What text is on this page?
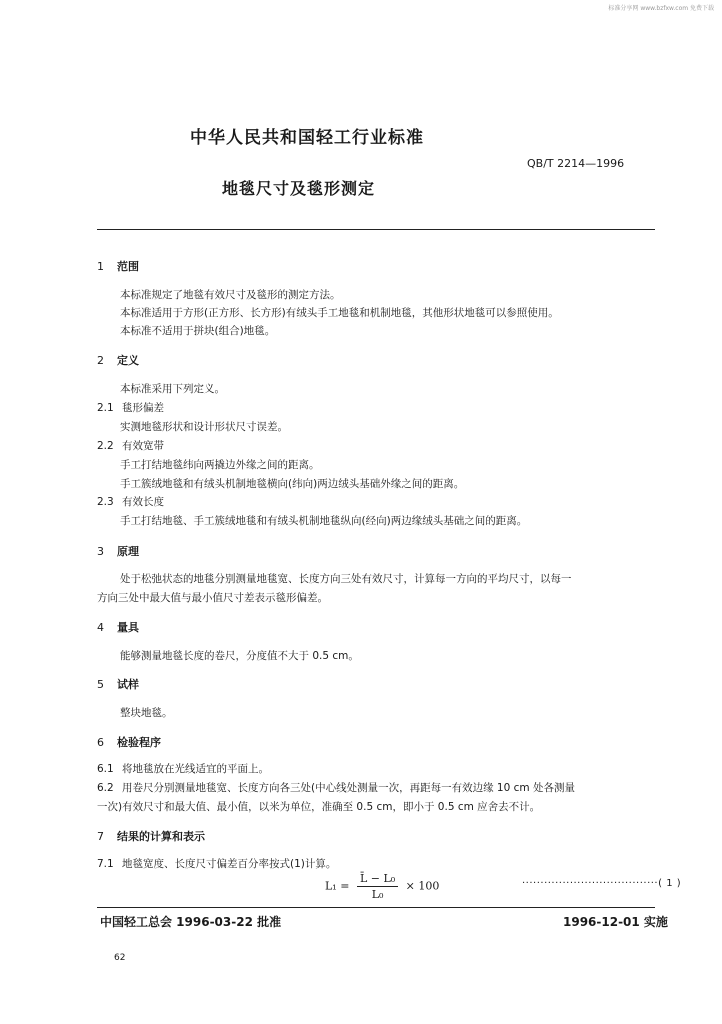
标准分享网 www.bzfxw.com 免费下载
中华人民共和国轻工行业标准
QB/T 2214—1996
地毯尺寸及毯形测定
1 范围
本标准规定了地毯有效尺寸及毯形的测定方法。
本标准适用于方形(正方形、长方形)有绒头手工地毯和机制地毯，其他形状地毯可以参照使用。
本标准不适用于拼块(组合)地毯。
2 定义
本标准采用下列定义。
2.1 毯形偏差
实测地毯形状和设计形状尺寸误差。
2.2 有效宽带
手工打结地毯纬向两撬边外缘之间的距离。
手工簇绒地毯和有绒头机制地毯横向(纬向)两边绒头基础外缘之间的距离。
2.3 有效长度
手工打结地毯、手工簇绒地毯和有绒头机制地毯纵向(经向)两边缘绒头基础之间的距离。
3 原理
处于松弛状态的地毯分别测量地毯宽、长度方向三处有效尺寸，计算每一方向的平均尺寸，以每一
方向三处中最大值与最小值尺寸差表示毯形偏差。
4 量具
能够测量地毯长度的卷尺，分度值不大于 0.5 cm。
5 试样
整块地毯。
6 检验程序
6.1 将地毯放在光线适宜的平面上。
6.2 用卷尺分别测量地毯宽、长度方向各三处(中心线处测量一次，再距每一有效边缘 10 cm 处各测量
一次)有效尺寸和最大值、最小值，以米为单位，准确至 0.5 cm，即小于 0.5 cm 应舍去不计。
7 结果的计算和表示
7.1 地毯宽度、长度尺寸偏差百分率按式(1)计算。
$L_1 = \frac{\text{L̄ − L₀}}{\text{L₀}} \times 100$	·····································( 1 )
中国轻工总会 1996-03-22 批准	1996-12-01 实施
62
